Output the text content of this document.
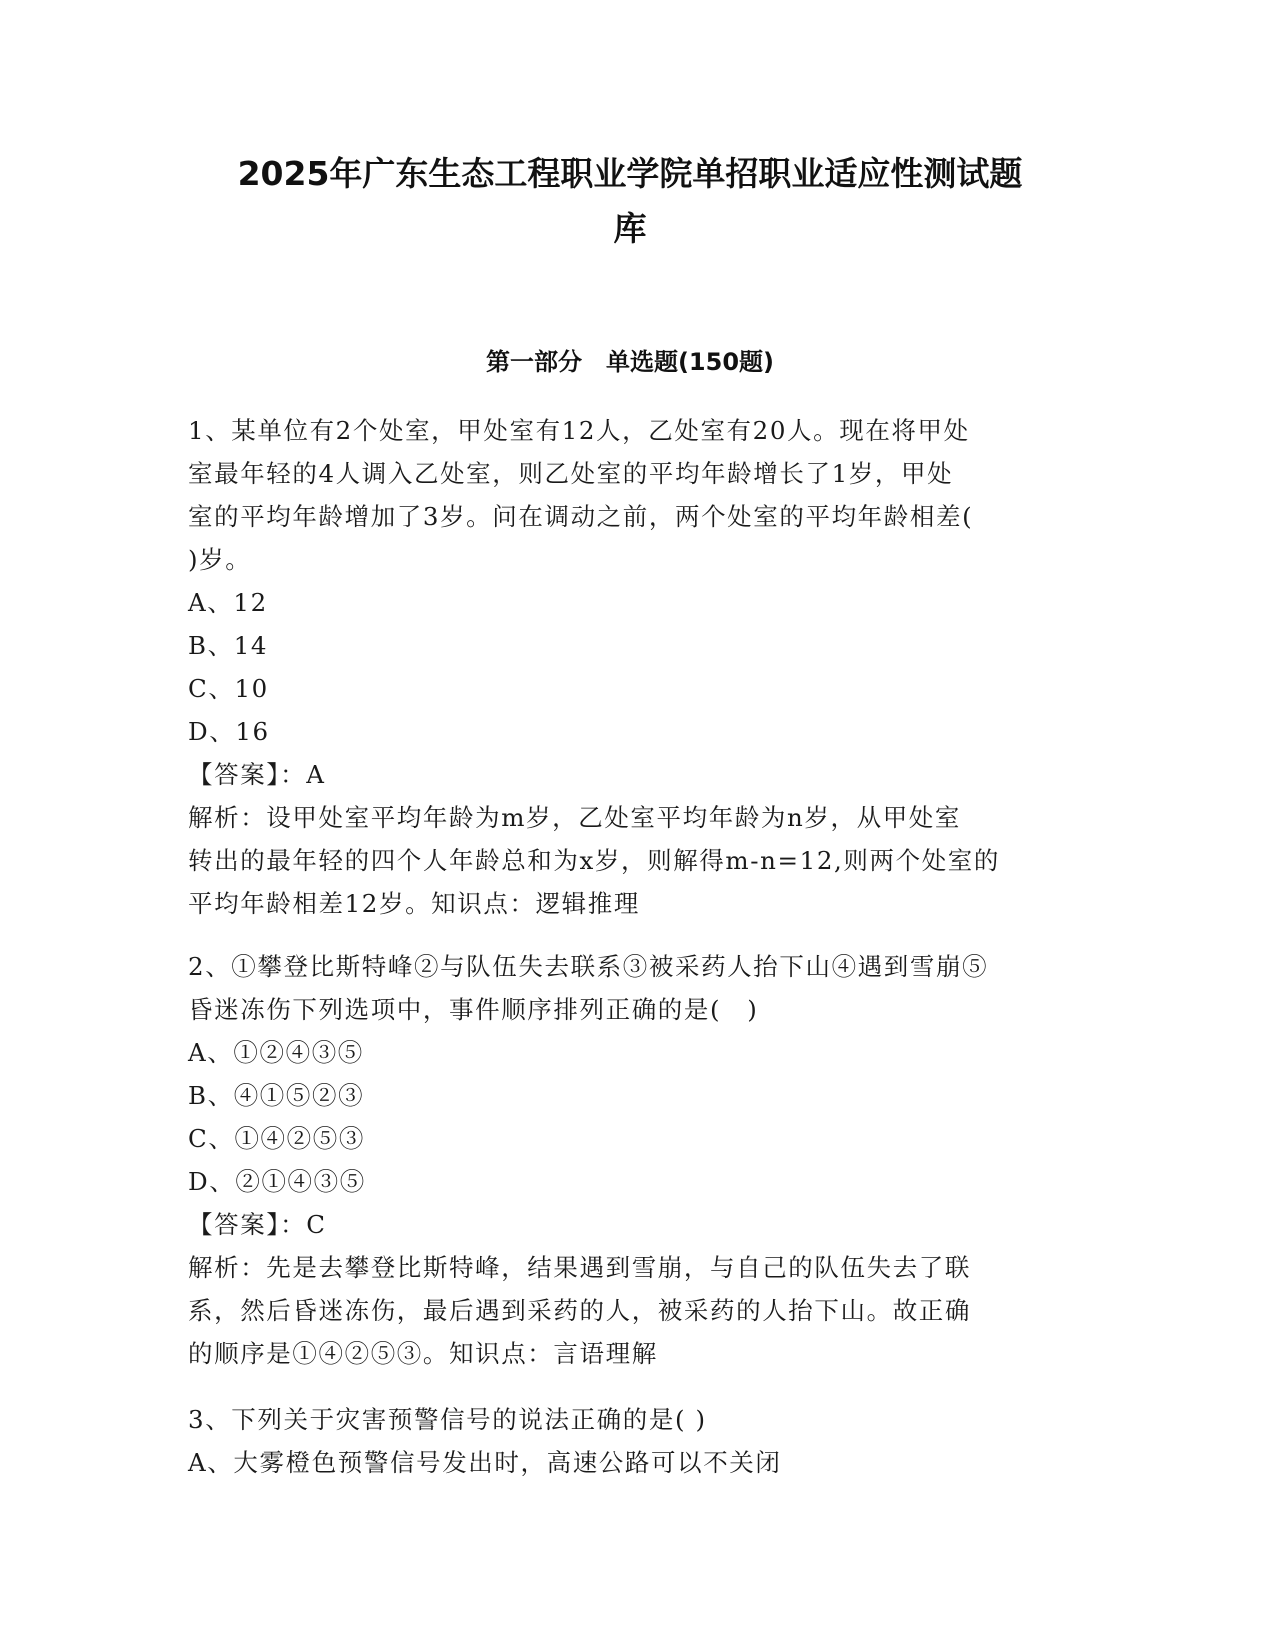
2025年广东生态工程职业学院单招职业适应性测试题
库
第一部分　单选题(150题)
1、某单位有2个处室，甲处室有12人，乙处室有20人。现在将甲处
室最年轻的4人调入乙处室，则乙处室的平均年龄增长了1岁，甲处
室的平均年龄增加了3岁。问在调动之前，两个处室的平均年龄相差(
)岁。
A、12
B、14
C、10
D、16
【答案】：A
解析：设甲处室平均年龄为m岁，乙处室平均年龄为n岁，从甲处室
转出的最年轻的四个人年龄总和为x岁，则解得m-n=12,则两个处室的
平均年龄相差12岁。知识点：逻辑推理
2、①攀登比斯特峰②与队伍失去联系③被采药人抬下山④遇到雪崩⑤
昏迷冻伤下列选项中，事件顺序排列正确的是(　)
A、①②④③⑤
B、④①⑤②③
C、①④②⑤③
D、②①④③⑤
【答案】：C
解析：先是去攀登比斯特峰，结果遇到雪崩，与自己的队伍失去了联
系，然后昏迷冻伤，最后遇到采药的人，被采药的人抬下山。故正确
的顺序是①④②⑤③。知识点：言语理解
3、下列关于灾害预警信号的说法正确的是( )
A、大雾橙色预警信号发出时，高速公路可以不关闭
